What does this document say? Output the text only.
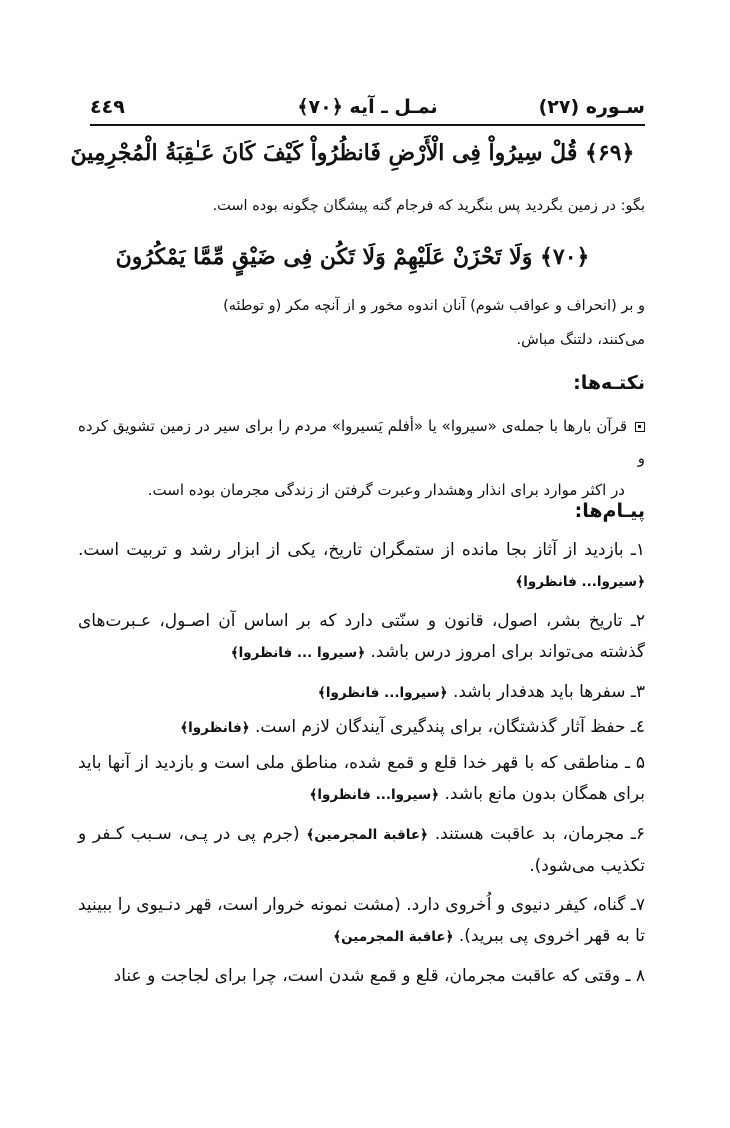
سـوره (۲۷)
نمـل ـ آیه ﴿۷۰﴾
٤٤٩
﴿۶۹﴾ قُلْ سِيرُواْ فِى الْأَرْضِ فَانظُرُواْ كَيْفَ كَانَ عَـٰقِبَةُ الْمُجْرِمِينَ
بگو: در زمین بگردید پس بنگرید که فرجام گنه پیشگان چگونه بوده است.
﴿۷۰﴾ وَلَا تَحْزَنْ عَلَيْهِمْ وَلَا تَكُن فِى ضَيْقٍ مِّمَّا يَمْكُرُونَ
و بر (انحراف و عواقب شوم) آنان اندوه مخور و از آنچه مکر (و توطئه)
می‌کنند، دلتنگ مباش.
نکتـه‌ها:
قرآن بارها با جمله‌ی «سیروا» یا «أفلم یَسیروا» مردم را برای سیر در زمین تشویق کرده و
در اکثر موارد برای انذار وهشدار وعبرت گرفتن از زندگی مجرمان بوده است.
پیـام‌ها:
۱ـ بازدید از آثاز بجا مانده از ستمگران تاریخ، یکی از ابزار رشد و تربیت است. ﴿سیروا... فانظروا﴾
۲ـ تاریخ بشر، اصول، قانون و سنّتی دارد که بر اساس آن اصـول، عـبرت‌های گذشته می‌تواند برای امروز درس باشد. ﴿سیروا ... فانظروا﴾
۳ـ سفرها باید هدفدار باشد. ﴿سیروا... فانظروا﴾
٤ـ حفظ آثار گذشتگان، برای پندگیری آیندگان لازم است. ﴿فانظروا﴾
۵ ـ مناطقی که با قهر خدا قلع و قمع شده، مناطق ملی است و بازدید از آنها باید برای همگان بدون مانع باشد. ﴿سیروا... فانظروا﴾
۶ـ مجرمان، بد عاقبت هستند. ﴿عاقبة المجرمین﴾ (جرم پی در پـی، سـبب کـفر و تکذیب می‌شود).
۷ـ گناه، کیفر دنیوی و اُخروی دارد. (مشت نمونه خروار است، قهر دنـیوی را ببینید تا به قهر اخروی پی ببرید). ﴿عاقبة المجرمین﴾
۸ ـ وقتی که عاقبت مجرمان، قلع و قمع شدن است، چرا برای لجاجت و عناد
